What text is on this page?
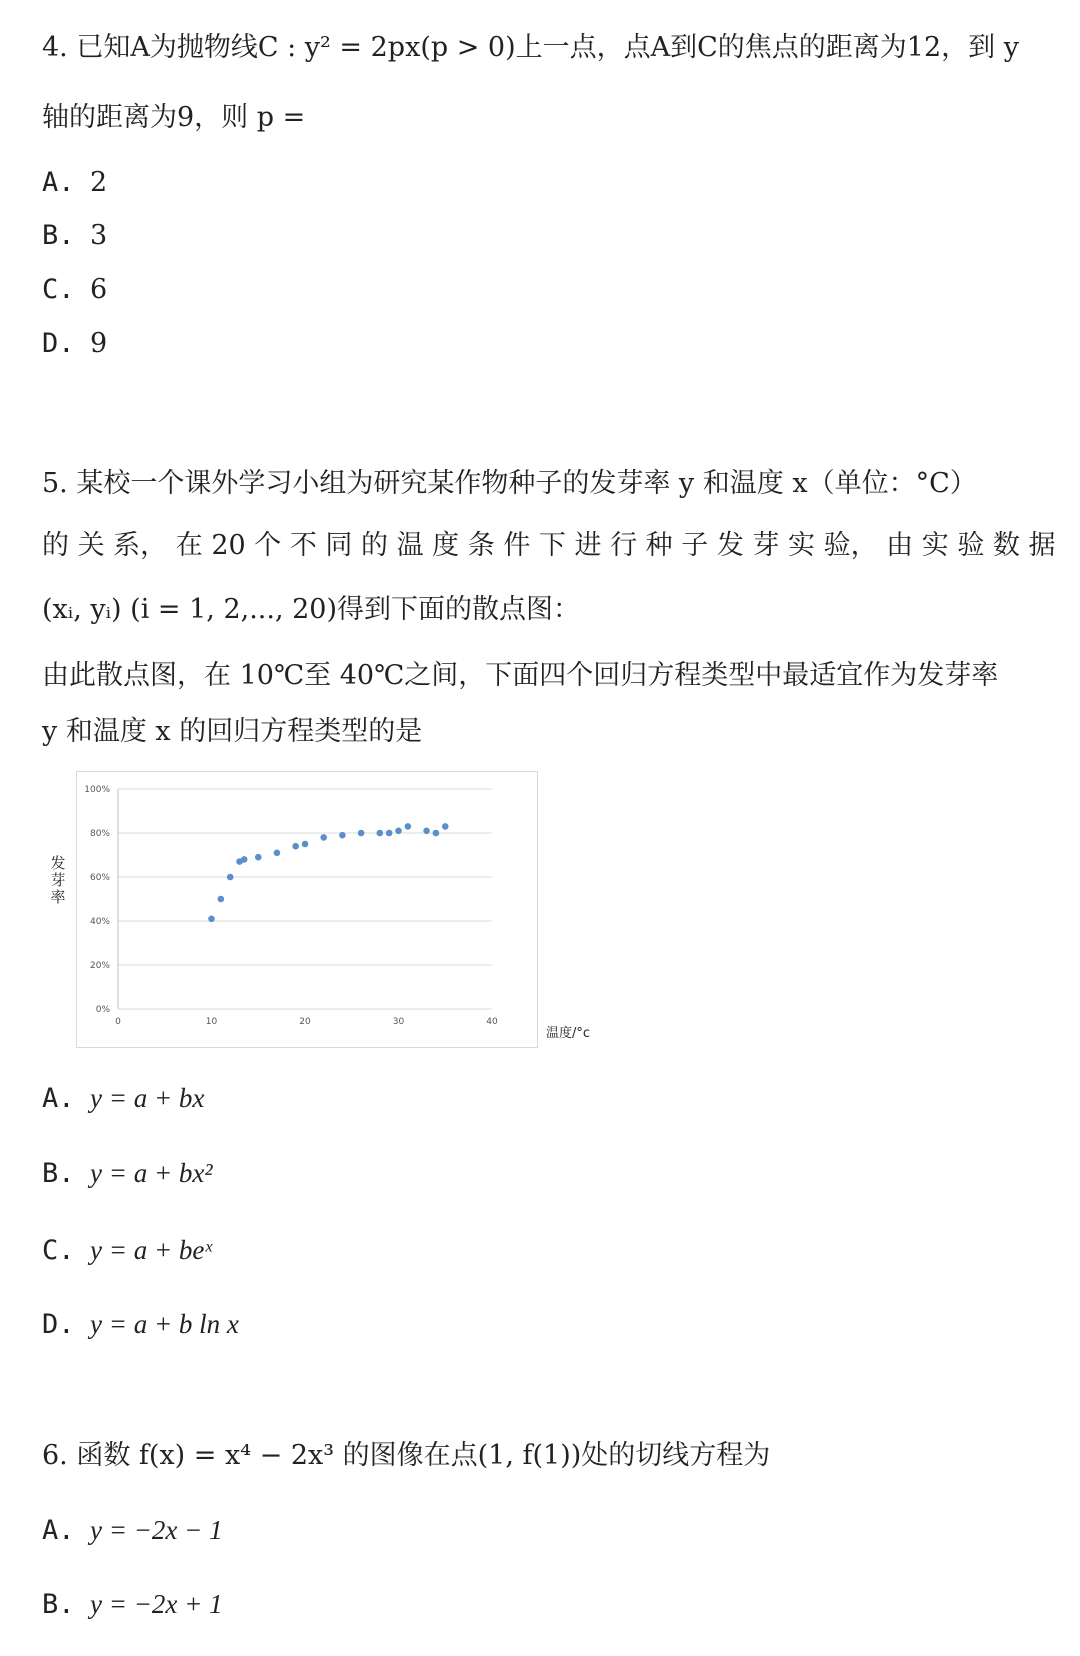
4. 已知A为抛物线C : y² = 2px(p > 0)上一点，点A到C的焦点的距离为12，到 y
轴的距离为9，则 p =
A. 2
B. 3
C. 6
D. 9
5. 某校一个课外学习小组为研究某作物种子的发芽率 y 和温度 x（单位：°C）
的 关 系， 在 20 个 不 同 的 温 度 条 件 下 进 行 种 子 发 芽 实 验， 由 实 验 数 据
(xᵢ, yᵢ) (i = 1, 2,..., 20)得到下面的散点图：
由此散点图，在 10℃至 40℃之间，下面四个回归方程类型中最适宜作为发芽率
y 和温度 x 的回归方程类型的是
0%
20%
40%
60%
80%
100%
0	10	20	30	40
发
芽
率
温度/°c
A. y = a + bx
B. y = a + bx²
C. y = a + beˣ
D. y = a + b ln x
6. 函数 f(x) = x⁴ − 2x³ 的图像在点(1, f(1))处的切线方程为
A. y = −2x − 1
B. y = −2x + 1
